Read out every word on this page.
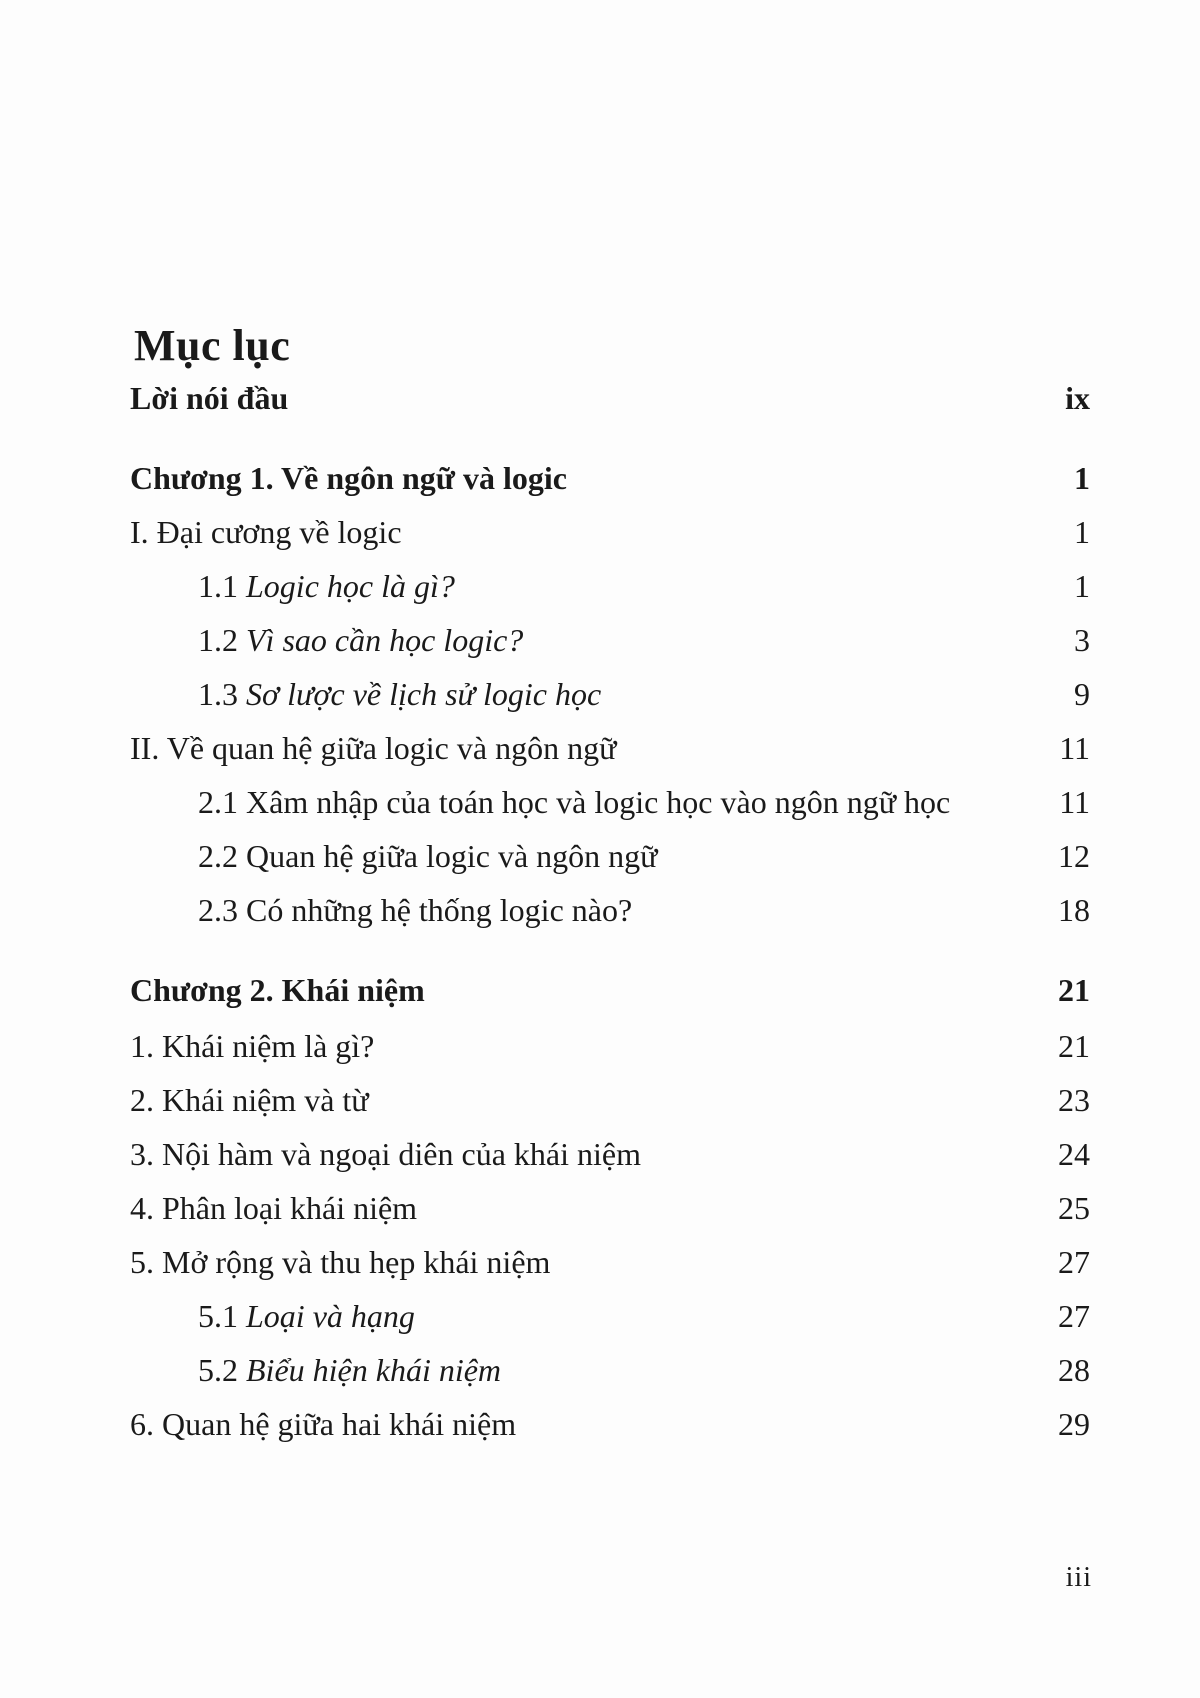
Mục lục
Lời nói đầu	ix
Chương 1. Về ngôn ngữ và logic	1
I. Đại cương về logic	1
1.1 Logic học là gì?	1
1.2 Vì sao cần học logic?	3
1.3 Sơ lược về lịch sử logic học	9
II. Về quan hệ giữa logic và ngôn ngữ	11
2.1 Xâm nhập của toán học và logic học vào ngôn ngữ học	11
2.2 Quan hệ giữa logic và ngôn ngữ	12
2.3 Có những hệ thống logic nào?	18
Chương 2. Khái niệm	21
1. Khái niệm là gì?	21
2. Khái niệm và từ	23
3. Nội hàm và ngoại diên của khái niệm	24
4. Phân loại khái niệm	25
5. Mở rộng và thu hẹp khái niệm	27
5.1 Loại và hạng	27
5.2 Biểu hiện khái niệm	28
6. Quan hệ giữa hai khái niệm	29
iii
